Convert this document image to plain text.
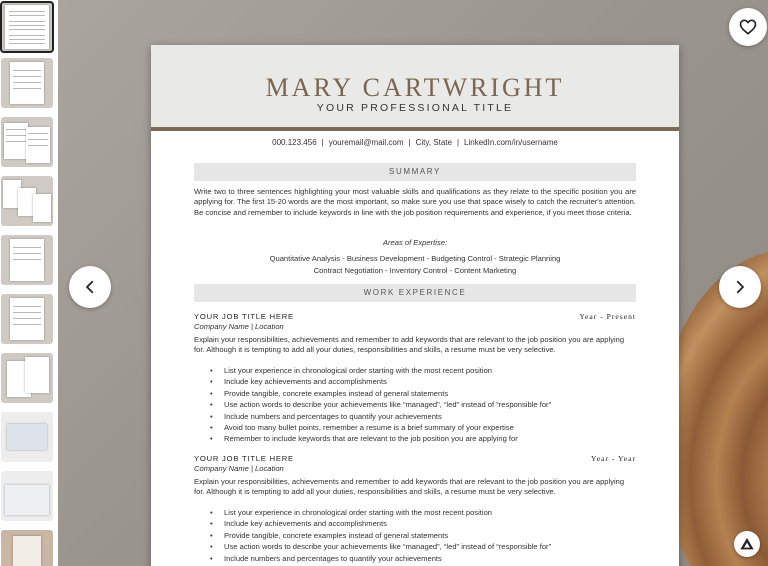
MARY CARTWRIGHT
YOUR PROFESSIONAL TITLE
000.123.456 | youremail@mail.com | City, State | LinkedIn.com/in/username
SUMMARY
Write two to three sentences highlighting your most valuable skills and qualifications as they relate to the specific position you are applying for. The first 15-20 words are the most important, so make sure you use that space wisely to catch the recruiter's attention. Be concise and remember to include keywords in line with the job position requirements and experience, if you meet those criteria.
Areas of Expertise:
Quantitative Analysis - Business Development - Budgeting Control - Strategic Planning
Contract Negotiation - Inventory Control - Content Marketing
WORK EXPERIENCE
YOUR JOB TITLE HERE	Year - Present
Company Name | Location
Explain your responsibilities, achievements and remember to add keywords that are relevant to the job position you are applying for. Although it is tempting to add all your duties, responsibilities and skills, a resume must be very selective.
• List your experience in chronological order starting with the most recent position
• Include key achievements and accomplishments
• Provide tangible, concrete examples instead of general statements
• Use action words to describe your achievements like “managed”, “led” instead of “responsible for”
• Include numbers and percentages to quantify your achievements
• Avoid too many bullet points, remember a resume is a brief summary of your expertise
• Remember to include keywords that are relevant to the job position you are applying for
YOUR JOB TITLE HERE	Year - Year
Company Name | Location
Explain your responsibilities, achievements and remember to add keywords that are relevant to the job position you are applying for. Although it is tempting to add all your duties, responsibilities and skills, a resume must be very selective.
• List your experience in chronological order starting with the most recent position
• Include key achievements and accomplishments
• Provide tangible, concrete examples instead of general statements
• Use action words to describe your achievements like “managed”, “led” instead of “responsible for”
• Include numbers and percentages to quantify your achievements
